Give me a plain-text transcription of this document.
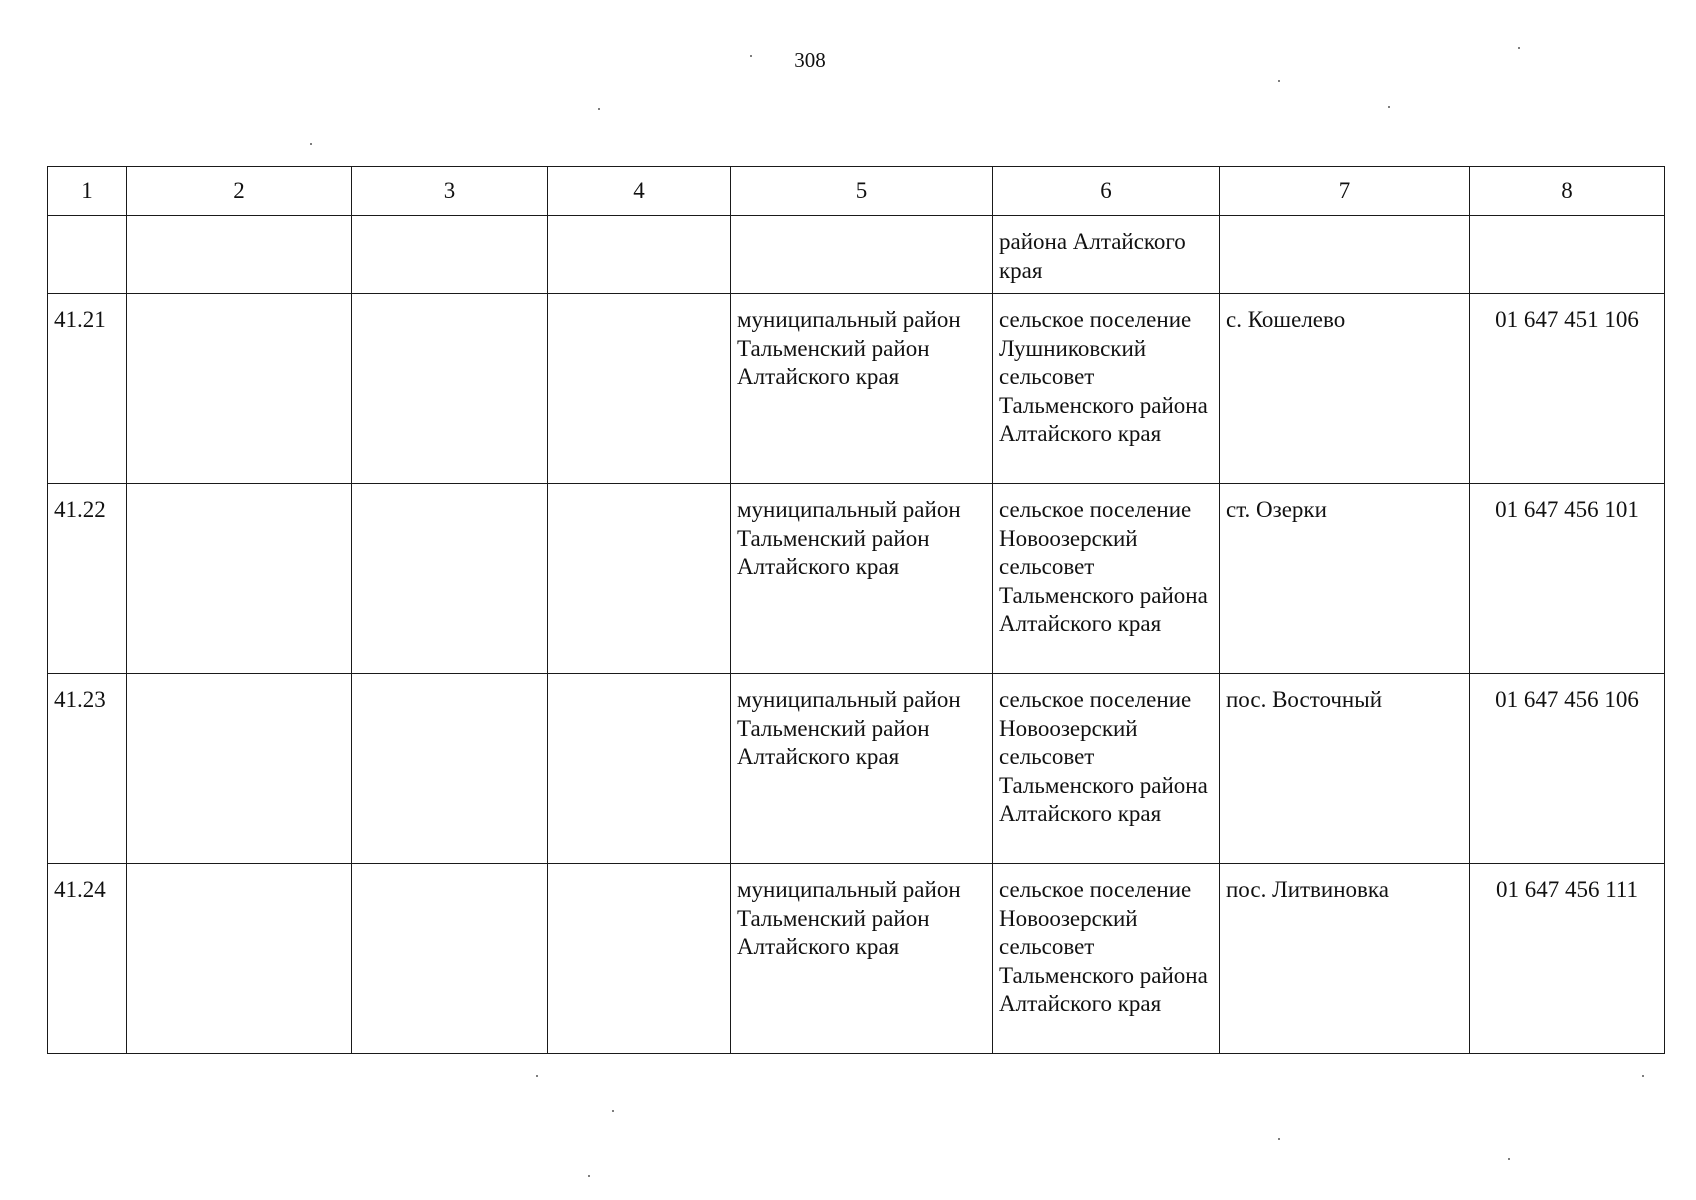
308
1	2	3	4	5	6	7	8
					района Алтайского края		
41.21				муниципальный район Тальменский район Алтайского края	сельское поселение Лушниковский сельсовет Тальменского района Алтайского края	с. Кошелево	01 647 451 106
41.22				муниципальный район Тальменский район Алтайского края	сельское поселение Новоозерский сельсовет Тальменского района Алтайского края	ст. Озерки	01 647 456 101
41.23				муниципальный район Тальменский район Алтайского края	сельское поселение Новоозерский сельсовет Тальменского района Алтайского края	пос. Восточный	01 647 456 106
41.24				муниципальный район Тальменский район Алтайского края	сельское поселение Новоозерский сельсовет Тальменского района Алтайского края	пос. Литвиновка	01 647 456 111
